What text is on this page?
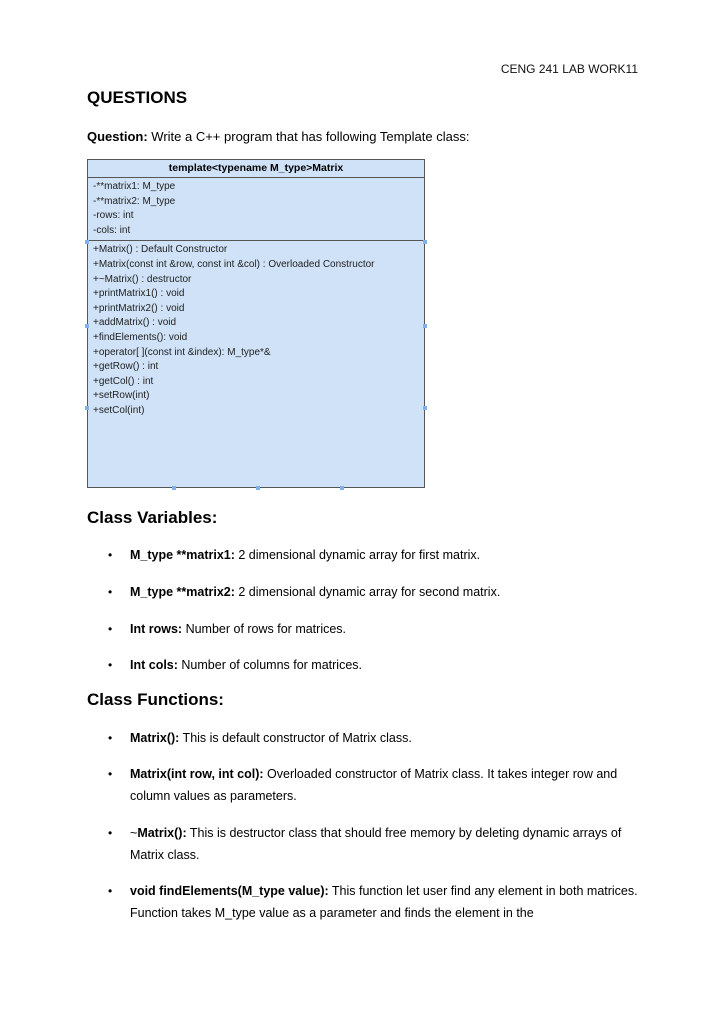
CENG 241 LAB WORK11
QUESTIONS
Question: Write a C++ program that has following Template class:
template<typename M_type>Matrix
-**matrix1: M_type
-**matrix2: M_type
-rows: int
-cols: int
+Matrix() : Default Constructor
+Matrix(const int &row, const int &col) : Overloaded Constructor
+~Matrix() : destructor
+printMatrix1() : void
+printMatrix2() : void
+addMatrix() : void
+findElements(): void
+operator[ ](const int &index): M_type*&
+getRow() : int
+getCol() : int
+setRow(int)
+setCol(int)
Class Variables:
• M_type **matrix1: 2 dimensional dynamic array for first matrix.
• M_type **matrix2: 2 dimensional dynamic array for second matrix.
• Int rows: Number of rows for matrices.
• Int cols: Number of columns for matrices.
Class Functions:
• Matrix(): This is default constructor of Matrix class.
• Matrix(int row, int col): Overloaded constructor of Matrix class. It takes integer row and column values as parameters.
• ~Matrix(): This is destructor class that should free memory by deleting dynamic arrays of Matrix class.
• void findElements(M_type value): This function let user find any element in both matrices. Function takes M_type value as a parameter and finds the element in the
